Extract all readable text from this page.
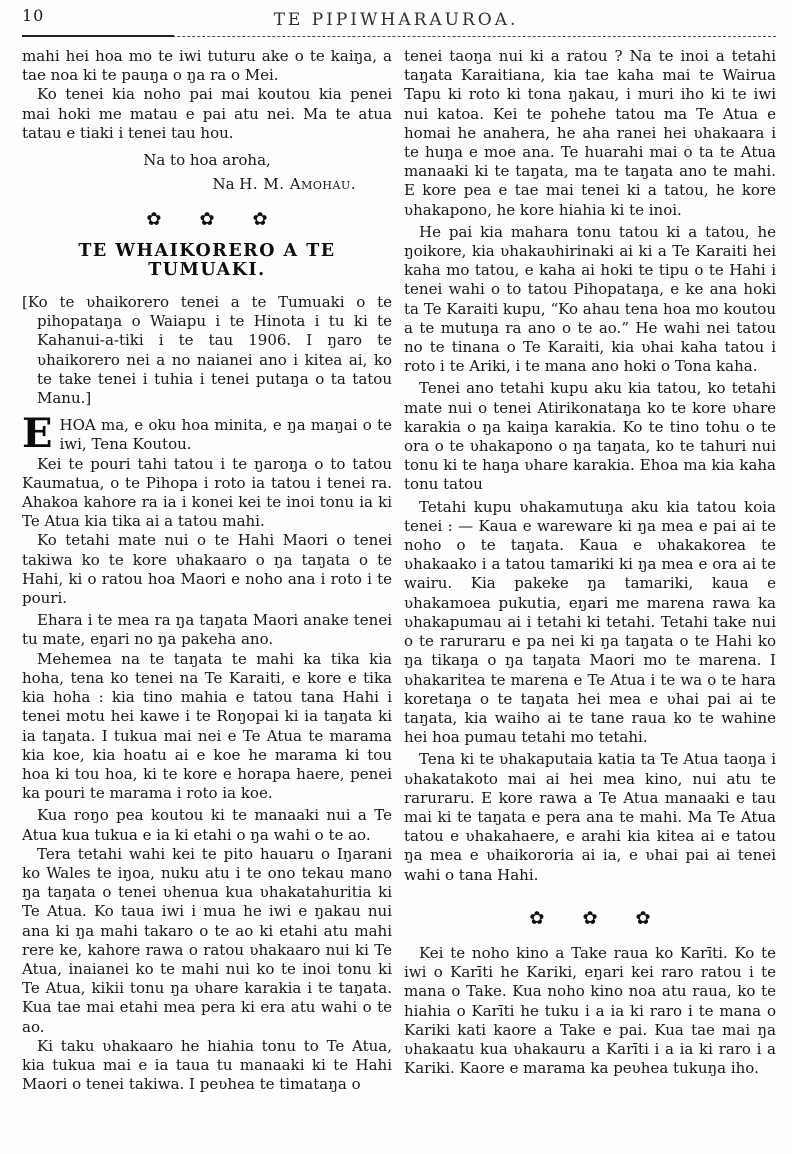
10	TE PIPIWHARAUROA.

mahi hei hoa mo te iwi tuturu ake o te kaiŋa, a tae noa ki te pauŋa o ŋa ra o Mei.

Ko tenei kia noho pai mai koutou kia penei mai hoki me matau e pai atu nei. Ma te atua tatau e tiaki i tenei tau hou.

Na to hoa aroha,

Na H. M. Amohau.

✿✿✿
TE WHAIKORERO A TE TUMUAKI.

[Ko te ʋhaikorero tenei a te Tumuaki o te pihopataŋa o Waiapu i te Hinota i tu ki te Kahanui-a-tiki i te tau 1906. I ŋaro te ʋhaikorero nei a no naianei ano i kitea ai, ko te take tenei i tuhia i tenei putaŋa o ta tatou Manu.]

EHOA ma, e oku hoa minita, e ŋa maŋai o te iwi, Tena Koutou.

Kei te pouri tahi tatou i te ŋaroŋa o to tatou Kaumatua, o te Pihopa i roto ia tatou i tenei ra. Ahakoa kahore ra ia i konei kei te inoi tonu ia ki Te Atua kia tika ai a tatou mahi.

Ko tetahi mate nui o te Hahi Maori o tenei takiwa ko te kore ʋhakaaro o ŋa taŋata o te Hahi, ki o ratou hoa Maori e noho ana i roto i te pouri.

Ehara i te mea ra ŋa taŋata Maori anake tenei tu mate, eŋari no ŋa pakeha ano.

Mehemea na te taŋata te mahi ka tika kia hoha, tena ko tenei na Te Karaiti, e kore e tika kia hoha : kia tino mahia e tatou tana Hahi i tenei motu hei kawe i te Roŋopai ki ia taŋata ki ia taŋata. I tukua mai nei e Te Atua te marama kia koe, kia hoatu ai e koe he marama ki tou hoa ki tou hoa, ki te kore e horapa haere, penei ka pouri te marama i roto ia koe.

Kua roŋo pea koutou ki te manaaki nui a Te Atua kua tukua e ia ki etahi o ŋa wahi o te ao.

Tera tetahi wahi kei te pito hauaru o Iŋarani ko Wales te iŋoa, nuku atu i te ono tekau mano ŋa taŋata o tenei ʋhenua kua ʋhakatahuritia ki Te Atua. Ko taua iwi i mua he iwi e ŋakau nui ana ki ŋa mahi takaro o te ao ki etahi atu mahi rere ke, kahore rawa o ratou ʋhakaaro nui ki Te Atua, inaianei ko te mahi nui ko te inoi tonu ki Te Atua, kikii tonu ŋa ʋhare karakia i te taŋata. Kua tae mai etahi mea pera ki era atu wahi o te ao.

Ki taku ʋhakaaro he hiahia tonu to Te Atua, kia tukua mai e ia taua tu manaaki ki te Hahi Maori o tenei takiwa. I peʋhea te timataŋa o

tenei taoŋa nui ki a ratou ? Na te inoi a tetahi taŋata Karaitiana, kia tae kaha mai te Wairua Tapu ki roto ki tona ŋakau, i muri iho ki te iwi nui katoa. Kei te pohehe tatou ma Te Atua e homai he anahera, he aha ranei hei ʋhakaara i te huŋa e moe ana. Te huarahi mai o ta te Atua manaaki ki te taŋata, ma te taŋata ano te mahi. E kore pea e tae mai tenei ki a tatou, he kore ʋhakapono, he kore hiahia ki te inoi.

He pai kia mahara tonu tatou ki a tatou, he ŋoikore, kia ʋhakaʋhirinaki ai ki a Te Karaiti hei kaha mo tatou, e kaha ai hoki te tipu o te Hahi i tenei wahi o to tatou Pihopataŋa, e ke ana hoki ta Te Karaiti kupu, “Ko ahau tena hoa mo koutou a te mutuŋa ra ano o te ao.” He wahi nei tatou no te tinana o Te Karaiti, kia ʋhai kaha tatou i roto i te Ariki, i te mana ano hoki o Tona kaha.

Tenei ano tetahi kupu aku kia tatou, ko tetahi mate nui o tenei Atirikonataŋa ko te kore ʋhare karakia o ŋa kaiŋa karakia. Ko te tino tohu o te ora o te ʋhakapono o ŋa taŋata, ko te tahuri nui tonu ki te haŋa ʋhare karakia. Ehoa ma kia kaha tonu tatou

Tetahi kupu ʋhakamutuŋa aku kia tatou koia tenei : — Kaua e wareware ki ŋa mea e pai ai te noho o te taŋata. Kaua e ʋhakakorea te ʋhakaako i a tatou tamariki ki ŋa mea e ora ai te wairu. Kia pakeke ŋa tamariki, kaua e ʋhakamoea pukutia, eŋari me marena rawa ka ʋhakapumau ai i tetahi ki tetahi. Tetahi take nui o te raruraru e pa nei ki ŋa taŋata o te Hahi ko ŋa tikaŋa o ŋa taŋata Maori mo te marena. I ʋhakaritea te marena e Te Atua i te wa o te hara koretaŋa o te taŋata hei mea e ʋhai pai ai te taŋata, kia waiho ai te tane raua ko te wahine hei hoa pumau tetahi mo tetahi.

Tena ki te ʋhakaputaia katia ta Te Atua taoŋa i ʋhakatakoto mai ai hei mea kino, nui atu te raruraru. E kore rawa a Te Atua manaaki e tau mai ki te taŋata e pera ana te mahi. Ma Te Atua tatou e ʋhakahaere, e arahi kia kitea ai e tatou ŋa mea e ʋhaikororia ai ia, e ʋhai pai ai tenei wahi o tana Hahi.

✿✿✿

Kei te noho kino a Take raua ko Karīti. Ko te iwi o Karīti he Kariki, eŋari kei raro ratou i te mana o Take. Kua noho kino noa atu raua, ko te hiahia o Karīti he tuku i a ia ki raro i te mana o Kariki kati kaore a Take e pai. Kua tae mai ŋa ʋhakaatu kua ʋhakauru a Karīti i a ia ki raro i a Kariki. Kaore e marama ka peʋhea tukuŋa iho.
